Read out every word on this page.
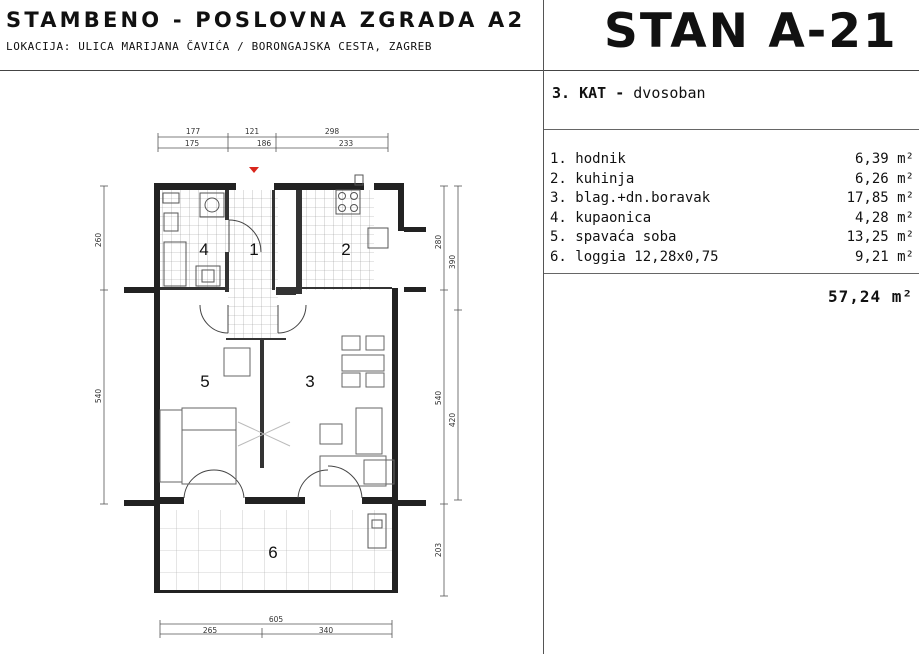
STAMBENO - POSLOVNA ZGRADA A2
LOKACIJA: ULICA MARIJANA ČAVIĆA / BORONGAJSKA CESTA, ZAGREB	STAN A-21
3. KAT - dvosoban
1. hodnik	6,39 m²
2. kuhinja	6,26 m²
3. blag.+dn.boravak	17,85 m²
4. kupaonica	4,28 m²
5. spavaća soba	13,25 m²
6. loggia 12,28x0,75	9,21 m²
57,24 m²
4 1	2
5	3
6
177	121	298
175	186	233
605
265	340
260
540
280
540
203
390
420
